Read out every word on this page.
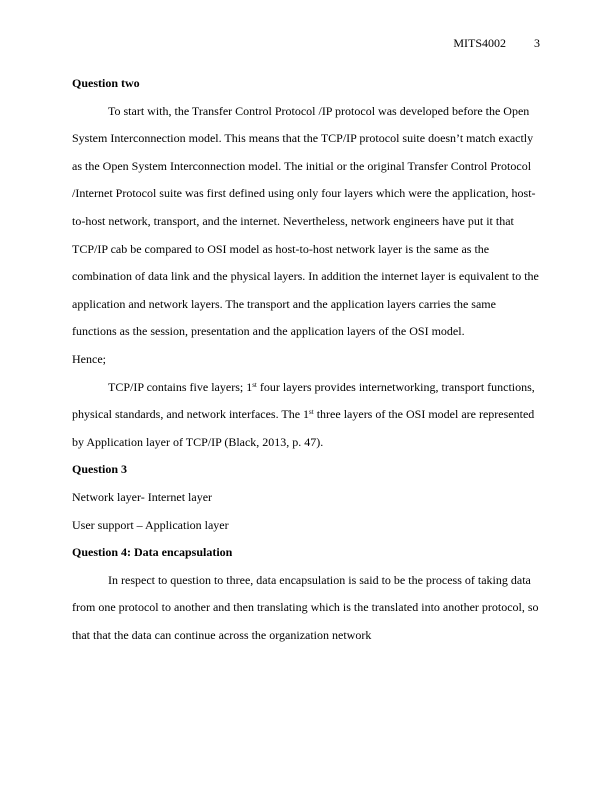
MITS4002 3

Question two

To start with, the Transfer Control Protocol /IP protocol was developed before the Open System Interconnection model. This means that the TCP/IP protocol suite doesn’t match exactly as the Open System Interconnection model. The initial or the original Transfer Control Protocol /Internet Protocol suite was first defined using only four layers which were the application, host-to-host network, transport, and the internet. Nevertheless, network engineers have put it that TCP/IP cab be compared to OSI model as host-to-host network layer is the same as the combination of data link and the physical layers. In addition the internet layer is equivalent to the application and network layers. The transport and the application layers carries the same functions as the session, presentation and the application layers of the OSI model.

Hence;

TCP/IP contains five layers; 1st four layers provides internetworking, transport functions, physical standards, and network interfaces. The 1st three layers of the OSI model are represented by Application layer of TCP/IP (Black, 2013, p. 47).

Question 3

Network layer- Internet layer

User support – Application layer

Question 4: Data encapsulation

In respect to question to three, data encapsulation is said to be the process of taking data from one protocol to another and then translating which is the translated into another protocol, so that that the data can continue across the organization network
